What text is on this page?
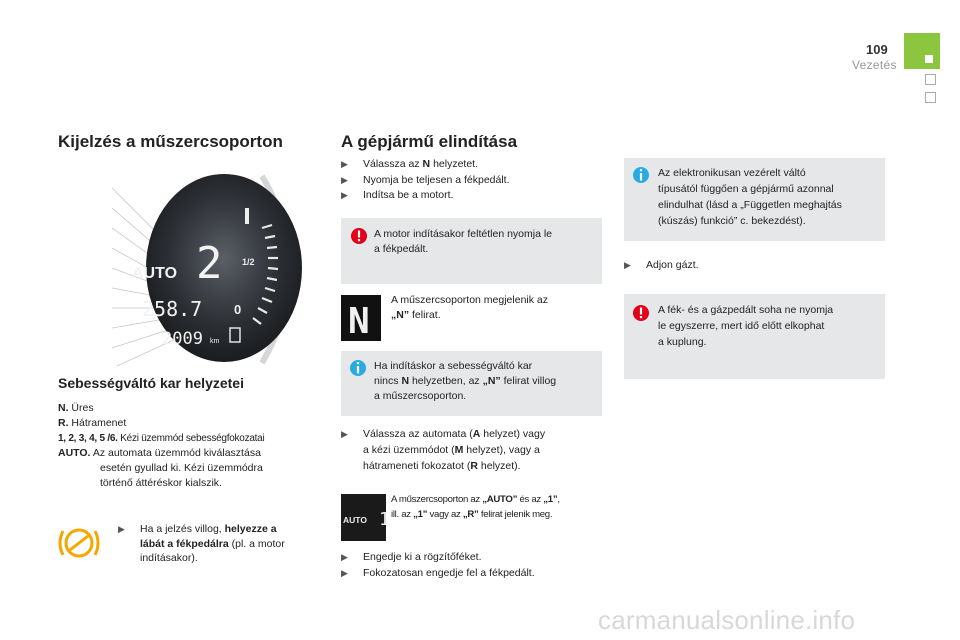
109
Vezetés
Kijelzés a műszercsoporton
1/2
0
AUTO 2
258.7
2009 km
Sebességváltó kar helyzetei
N. Üres
R. Hátramenet
1, 2, 3, 4, 5 /6. Kézi üzemmód sebességfokozatai
AUTO. Az automata üzemmód kiválasztása
esetén gyullad ki. Kézi üzemmódra
történő áttéréskor kialszik.
▶ Ha a jelzés villog, helyezze a
lábát a fékpedálra (pl. a motor
indításakor).
A gépjármű elindítása
▶ Válassza az N helyzetet.
▶ Nyomja be teljesen a fékpedált.
▶ Indítsa be a motort.
A motor indításakor feltétlen nyomja le
a fékpedált.
N
A műszercsoporton megjelenik az
„N” felirat.
Ha indításkor a sebességváltó kar
nincs N helyzetben, az „N” felirat villog
a műszercsoporton.
▶ Válassza az automata (A helyzet) vagy
a kézi üzemmódot (M helyzet), vagy a
hátrameneti fokozatot (R helyzet).
AUTO 1
A műszercsoporton az „AUTO” és az „1”,
ill. az „1” vagy az „R” felirat jelenik meg.
▶ Engedje ki a rögzítőféket.
▶ Fokozatosan engedje fel a fékpedált.
Az elektronikusan vezérelt váltó
típusától függően a gépjármű azonnal
elindulhat (lásd a „Független meghajtás
(kúszás) funkció” c. bekezdést).
▶ Adjon gázt.
A fék- és a gázpedált soha ne nyomja
le egyszerre, mert idő előtt elkophat
a kuplung.
carmanualsonline.info
